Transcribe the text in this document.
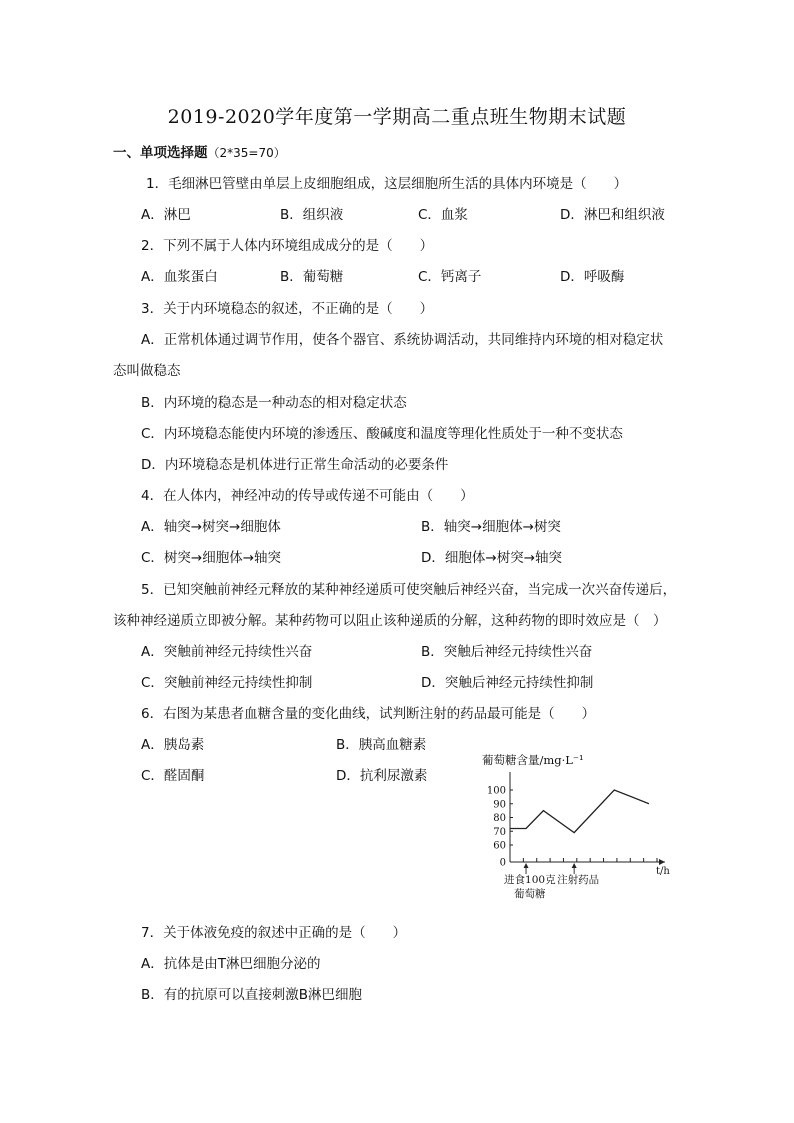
2019-2020学年度第一学期高二重点班生物期末试题
一、单项选择题（2*35=70）
1．毛细淋巴管壁由单层上皮细胞组成，这层细胞所生活的具体内环境是（　　）
A．淋巴	B．组织液	C．血浆	D．淋巴和组织液
2．下列不属于人体内环境组成成分的是（　　）
A．血浆蛋白	B．葡萄糖	C．钙离子	D．呼吸酶
3．关于内环境稳态的叙述，不正确的是（　　）
A．正常机体通过调节作用，使各个器官、系统协调活动，共同维持内环境的相对稳定状
态叫做稳态
B．内环境的稳态是一种动态的相对稳定状态
C．内环境稳态能使内环境的渗透压、酸碱度和温度等理化性质处于一种不变状态
D．内环境稳态是机体进行正常生命活动的必要条件
4．在人体内，神经冲动的传导或传递不可能由（　　）
A．轴突→树突→细胞体	B．轴突→细胞体→树突
C．树突→细胞体→轴突	D．细胞体→树突→轴突
5．已知突触前神经元释放的某种神经递质可使突触后神经兴奋，当完成一次兴奋传递后，
该种神经递质立即被分解。某种药物可以阻止该种递质的分解，这种药物的即时效应是（　）
A．突触前神经元持续性兴奋	B．突触后神经元持续性兴奋
C．突触前神经元持续性抑制	D．突触后神经元持续性抑制
6．右图为某患者血糖含量的变化曲线，试判断注射的药品最可能是（　　）
A．胰岛素	B．胰高血糖素
C．醛固酮	D．抗利尿激素
葡萄糖含量/mg·L⁻¹
0
60
70
80
90
100
t/h
进食100克
葡萄糖
注射药品
7．关于体液免疫的叙述中正确的是（　　）
A．抗体是由T淋巴细胞分泌的
B．有的抗原可以直接刺激B淋巴细胞
